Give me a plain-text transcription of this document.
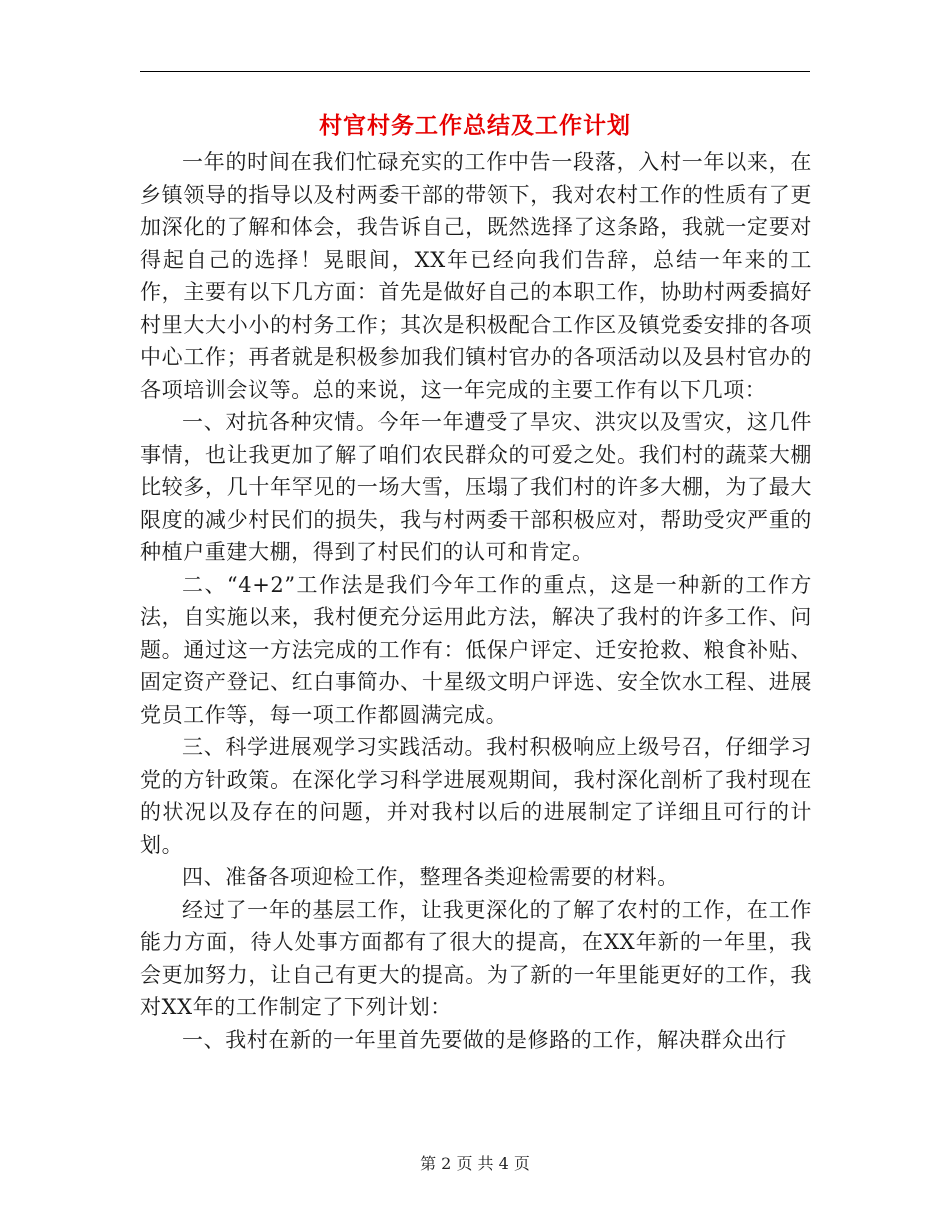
村官村务工作总结及工作计划

一年的时间在我们忙碌充实的工作中告一段落，入村一年以来，在乡镇领导的指导以及村两委干部的带领下，我对农村工作的性质有了更加深化的了解和体会，我告诉自己，既然选择了这条路，我就一定要对得起自己的选择！晃眼间，XX年已经向我们告辞，总结一年来的工作，主要有以下几方面：首先是做好自己的本职工作，协助村两委搞好村里大大小小的村务工作；其次是积极配合工作区及镇党委安排的各项中心工作；再者就是积极参加我们镇村官办的各项活动以及县村官办的各项培训会议等。总的来说，这一年完成的主要工作有以下几项：

一、对抗各种灾情。今年一年遭受了旱灾、洪灾以及雪灾，这几件事情，也让我更加了解了咱们农民群众的可爱之处。我们村的蔬菜大棚比较多，几十年罕见的一场大雪，压塌了我们村的许多大棚，为了最大限度的减少村民们的损失，我与村两委干部积极应对，帮助受灾严重的种植户重建大棚，得到了村民们的认可和肯定。

二、“4+2”工作法是我们今年工作的重点，这是一种新的工作方法，自实施以来，我村便充分运用此方法，解决了我村的许多工作、问题。通过这一方法完成的工作有：低保户评定、迁安抢救、粮食补贴、固定资产登记、红白事简办、十星级文明户评选、安全饮水工程、进展党员工作等，每一项工作都圆满完成。

三、科学进展观学习实践活动。我村积极响应上级号召，仔细学习党的方针政策。在深化学习科学进展观期间，我村深化剖析了我村现在的状况以及存在的问题，并对我村以后的进展制定了详细且可行的计划。

四、准备各项迎检工作，整理各类迎检需要的材料。

经过了一年的基层工作，让我更深化的了解了农村的工作，在工作能力方面，待人处事方面都有了很大的提高，在XX年新的一年里，我会更加努力，让自己有更大的提高。为了新的一年里能更好的工作，我对XX年的工作制定了下列计划：

一、我村在新的一年里首先要做的是修路的工作，解决群众出行

第 2 页 共 4 页
